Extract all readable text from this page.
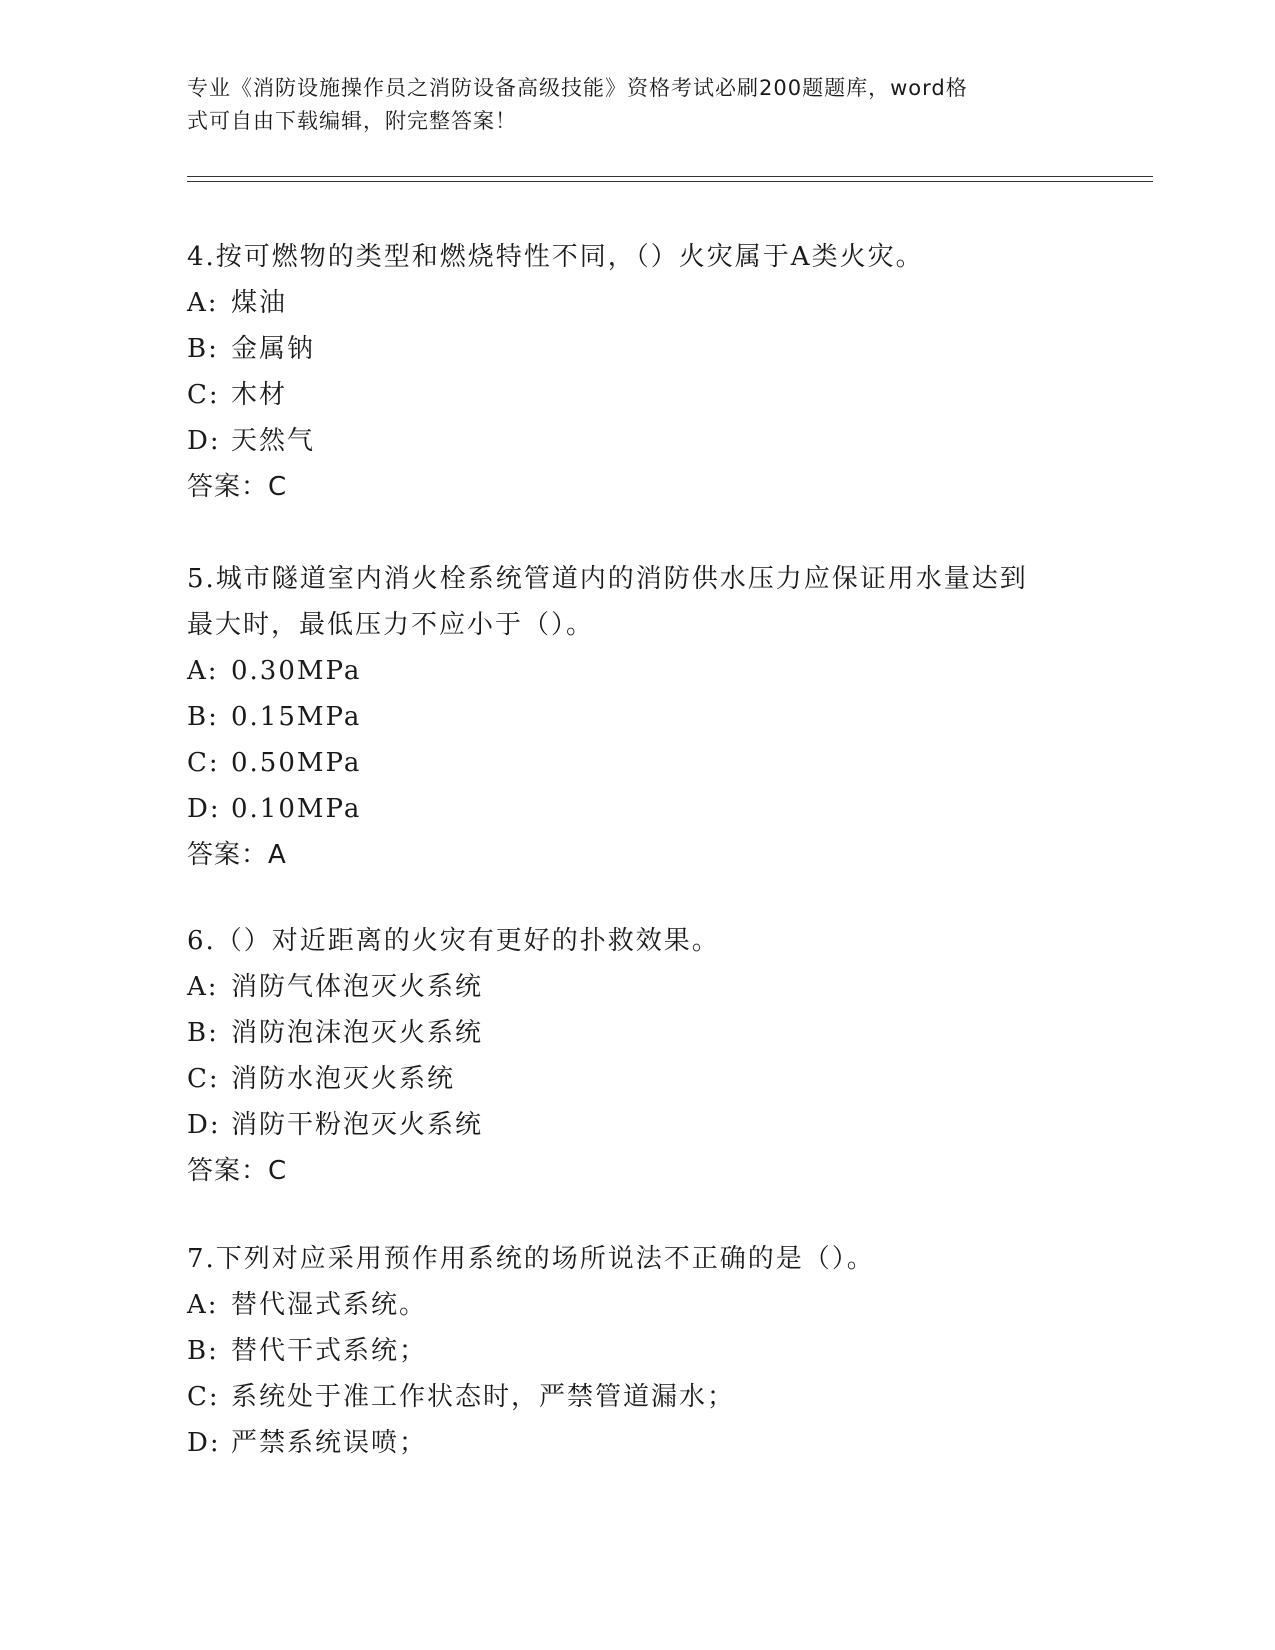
专业《消防设施操作员之消防设备高级技能》资格考试必刷200题题库，word格
式可自由下载编辑，附完整答案！

4.按可燃物的类型和燃烧特性不同，（）火灾属于A类火灾。

A: 煤油

B: 金属钠

C: 木材

D: 天然气

答案：C

5.城市隧道室内消火栓系统管道内的消防供水压力应保证用水量达到

最大时，最低压力不应小于（）。

A: 0.30MPa

B: 0.15MPa

C: 0.50MPa

D: 0.10MPa

答案：A

6.（）对近距离的火灾有更好的扑救效果。

A: 消防气体泡灭火系统

B: 消防泡沫泡灭火系统

C: 消防水泡灭火系统

D: 消防干粉泡灭火系统

答案：C

7.下列对应采用预作用系统的场所说法不正确的是（）。

A: 替代湿式系统。

B: 替代干式系统；

C: 系统处于准工作状态时，严禁管道漏水；

D: 严禁系统误喷；
